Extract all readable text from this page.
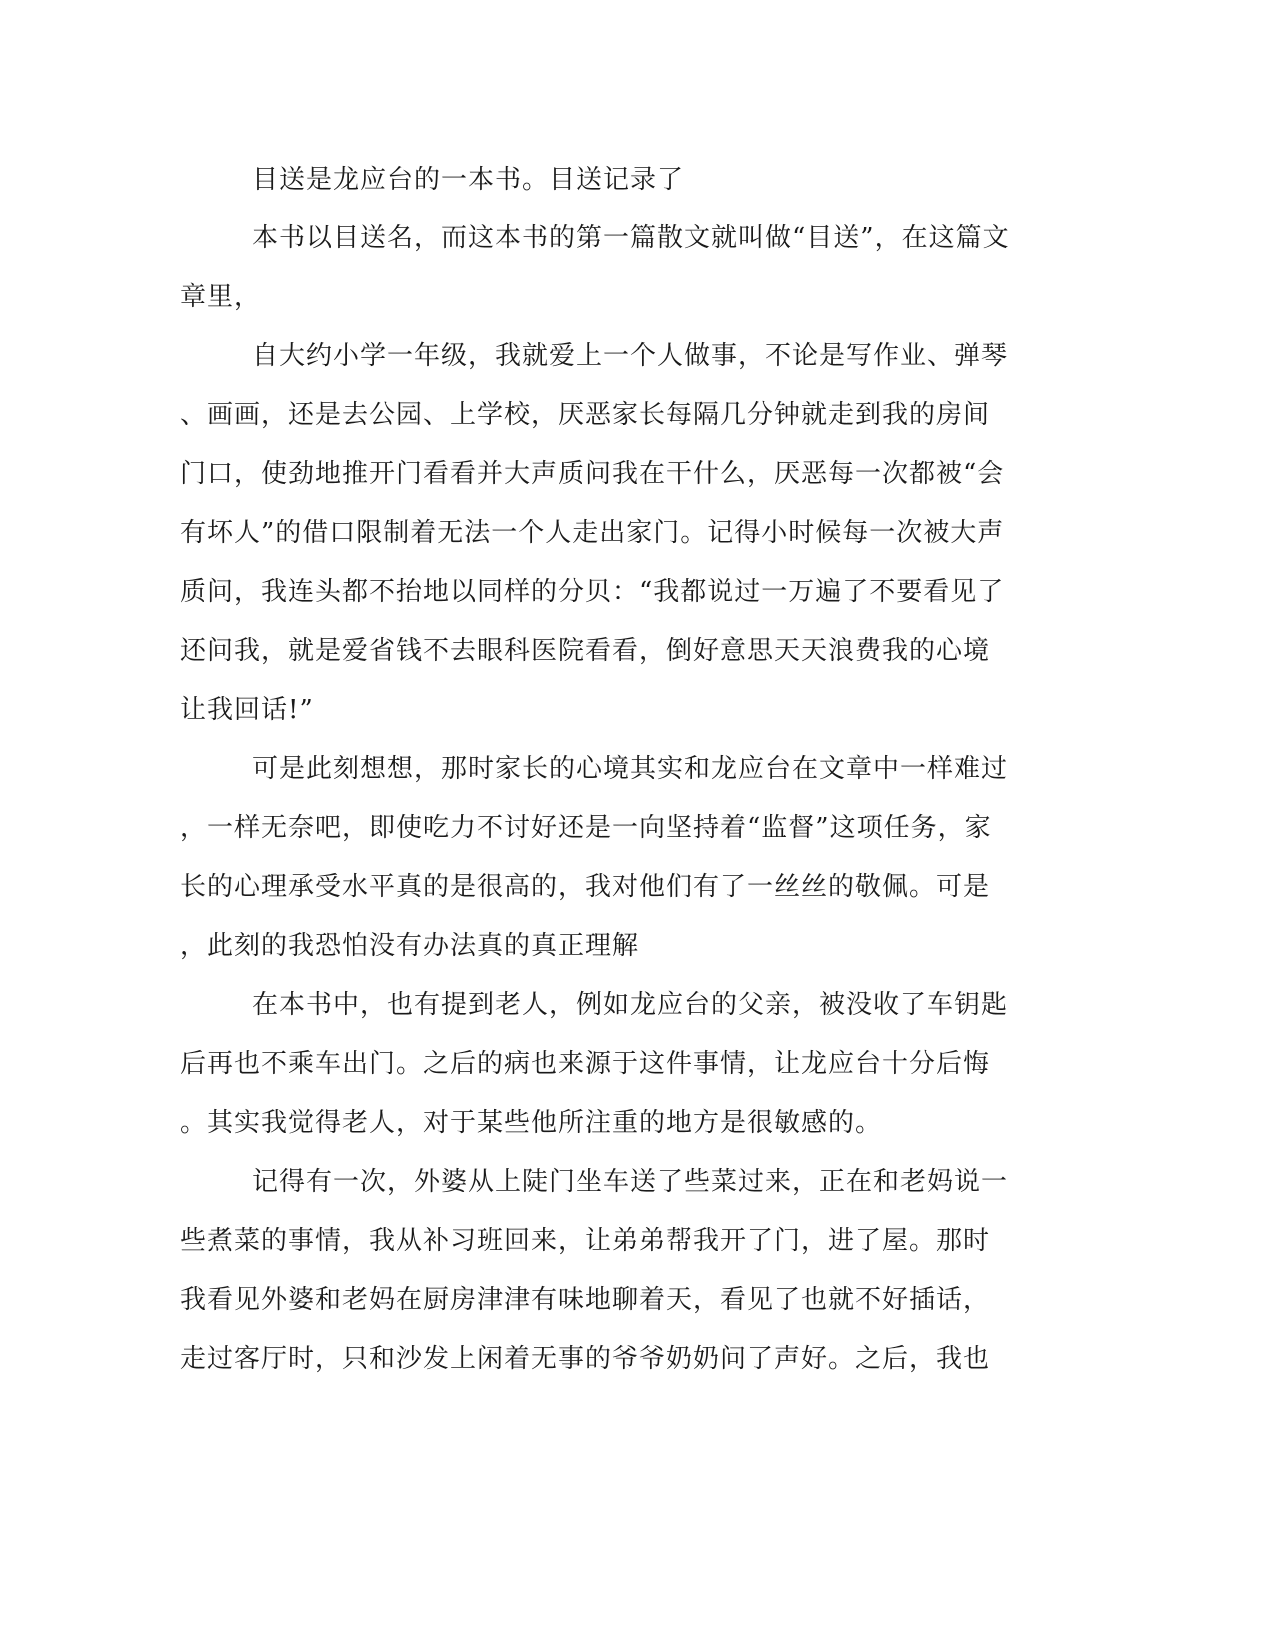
目送是龙应台的一本书。目送记录了
本书以目送名，而这本书的第一篇散文就叫做“目送”，在这篇文
章里，
自大约小学一年级，我就爱上一个人做事，不论是写作业、弹琴
、画画，还是去公园、上学校，厌恶家长每隔几分钟就走到我的房间
门口，使劲地推开门看看并大声质问我在干什么，厌恶每一次都被“会
有坏人”的借口限制着无法一个人走出家门。记得小时候每一次被大声
质问，我连头都不抬地以同样的分贝：“我都说过一万遍了不要看见了
还问我，就是爱省钱不去眼科医院看看，倒好意思天天浪费我的心境
让我回话!”
可是此刻想想，那时家长的心境其实和龙应台在文章中一样难过
，一样无奈吧，即使吃力不讨好还是一向坚持着“监督”这项任务，家
长的心理承受水平真的是很高的，我对他们有了一丝丝的敬佩。可是
，此刻的我恐怕没有办法真的真正理解
在本书中，也有提到老人，例如龙应台的父亲，被没收了车钥匙
后再也不乘车出门。之后的病也来源于这件事情，让龙应台十分后悔
。其实我觉得老人，对于某些他所注重的地方是很敏感的。
记得有一次，外婆从上陡门坐车送了些菜过来，正在和老妈说一
些煮菜的事情，我从补习班回来，让弟弟帮我开了门，进了屋。那时
我看见外婆和老妈在厨房津津有味地聊着天，看见了也就不好插话，
走过客厅时，只和沙发上闲着无事的爷爷奶奶问了声好。之后，我也
